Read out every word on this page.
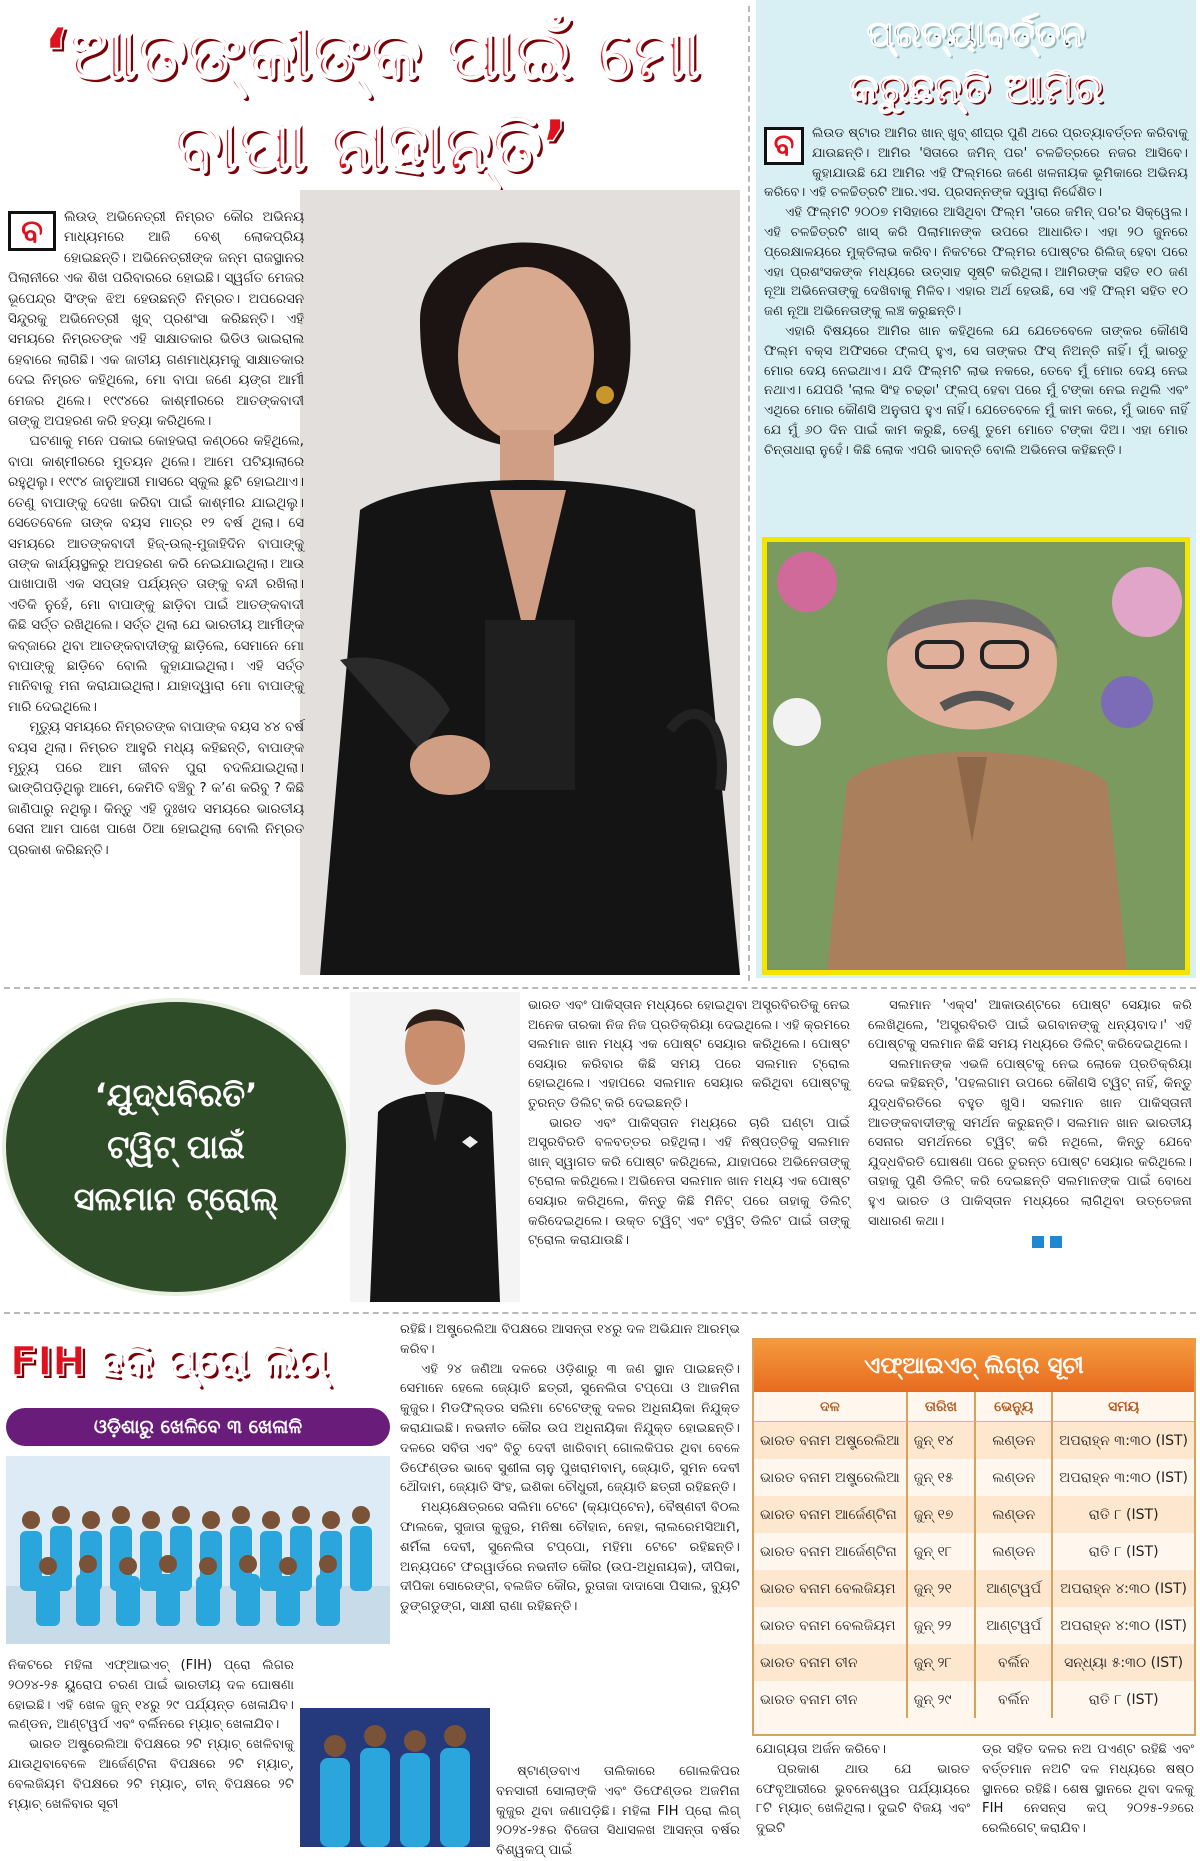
‘ଆତଙ୍କୀଙ୍କ ପାଇଁ ମୋ
ବାପା ନାହାନ୍ତି’
ବ	ଲିଉଡ୍ ଅଭିନେତ୍ରୀ ନିମ୍ରତ କୌର ଅଭିନୟ ମାଧ୍ୟମରେ ଆଜି ବେଶ୍ ଲୋକପ୍ରିୟ ହୋଇଛନ୍ତି। ଅଭିନେତ୍ରୀଙ୍କ ଜନ୍ମ ରାଜସ୍ଥାନର ପିଲାନୀରେ ଏକ ଶିଖ ପରିବାରରେ ହୋଇଛି। ସ୍ୱର୍ଗତ ମେଜର ଭୂପେନ୍ଦ୍ର ସିଂଙ୍କ ଝିଅ ହେଉଛନ୍ତି ନିମ୍ରତ। ଅପରେସନ ସିନ୍ଦୁରକୁ ଅଭିନେତ୍ରୀ ଖୁବ୍ ପ୍ରଶଂସା କରିଛନ୍ତି। ଏହି ସମୟରେ ନିମ୍ରତଙ୍କ ଏହି ସାକ୍ଷାତକାର ଭିଡିଓ ଭାଇରାଲ ହେବାରେ ଲାଗିଛି। ଏକ ଜାତୀୟ ଗଣମାଧ୍ୟମକୁ ସାକ୍ଷାତକାର ଦେଇ ନିମ୍ରତ କହିଥିଲେ, ମୋ ବାପା ଜଣେ ୟଙ୍ଗ ଆର୍ମୀ ମେଜର ଥିଲେ। ୧୯୯୪ରେ କାଶ୍ମୀରରେ ଆତଙ୍କବାଦୀ ତାଙ୍କୁ ଅପହରଣ କରି ହତ୍ୟା କରିଥିଲେ।

ଘଟଣାକୁ ମନେ ପକାଇ କୋହଭରା କଣ୍ଠରେ କହିଥିଲେ, ବାପା କାଶ୍ମୀରରେ ମୁତୟନ ଥିଲେ। ଆମେ ପଟିୟାଲାରେ ରହୁଥିଲୁ। ୧୯୯୪ ଜାନୁଆରୀ ମାସରେ ସ୍କୁଲ ଛୁଟି ହୋଇଥାଏ। ତେଣୁ ବାପାଙ୍କୁ ଦେଖା କରିବା ପାଇଁ କାଶ୍ମୀର ଯାଇଥିଲୁ। ସେତେବେଳେ ତାଙ୍କ ବୟସ ମାତ୍ର ୧୨ ବର୍ଷ ଥିଲା। ସେ ସମୟରେ ଆତଙ୍କବାଦୀ ହିଜ୍-ଉଲ୍-ମୁଜାହିଦିନ ବାପାଙ୍କୁ ତାଙ୍କ କାର୍ଯ୍ୟସ୍ଥଳରୁ ଅପହରଣ କରି ନେଇଯାଇଥିଲା। ଆଉ ପାଖାପାଖି ଏକ ସପ୍ତାହ ପର୍ଯ୍ୟନ୍ତ ତାଙ୍କୁ ବନ୍ଦୀ ରଖିଲା। ଏତିକି ନୁହେଁ, ମୋ ବାପାଙ୍କୁ ଛାଡ଼ିବା ପାଇଁ ଆତଙ୍କବାଦୀ କିଛି ସର୍ତ୍ତ ରଖିଥିଲେ। ସର୍ତ୍ତ ଥିଲା ଯେ ଭାରତୀୟ ଆର୍ମୀଙ୍କ କବ୍ଜାରେ ଥିବା ଆତଙ୍କବାଦୀଙ୍କୁ ଛାଡ଼ିଲେ, ସେମାନେ ମୋ ବାପାଙ୍କୁ ଛାଡ଼ିବେ ବୋଲି କୁହାଯାଇଥିଲା। ଏହି ସର୍ତ୍ତ ମାନିବାକୁ ମନା କରାଯାଇଥିଲା। ଯାହାଦ୍ୱାରା ମୋ ବାପାଙ୍କୁ ମାରି ଦେଇଥିଲେ।

ମୃତ୍ୟୁ ସମୟରେ ନିମ୍ରତଙ୍କ ବାପାଙ୍କ ବୟସ ୪୪ ବର୍ଷ ବୟସ ଥିଲା। ନିମ୍ରତ ଆହୁରି ମଧ୍ୟ କହିଛନ୍ତି, ବାପାଙ୍କ ମୃତ୍ୟୁ ପରେ ଆମ ଜୀବନ ପୁରା ବଦଳିଯାଇଥିଲା। ଭାଙ୍ଗିପଡ଼ିଥିଲୁ ଆମେ, କେମିତି ବଞ୍ଚିବୁ ? କ’ଣ କରିବୁ ? କିଛି ଜାଣିପାରୁ ନଥିଲୁ। କିନ୍ତୁ ଏହି ଦୁଃଖଦ ସମୟରେ ଭାରତୀୟ ସେନା ଆମ ପାଖେ ପାଖେ ଠିଆ ହୋଇଥିଲା ବୋଲି ନିମ୍ରତ ପ୍ରକାଶ କରିଛନ୍ତି।

ପ୍ରତ୍ୟାବର୍ତ୍ତନ
କରୁଛନ୍ତି ଆମିର
ବ	ଲିଉଡ ଷ୍ଟାର ଆମିର ଖାନ୍ ଖୁବ୍ ଶୀଘ୍ର ପୁଣି ଥରେ ପ୍ରତ୍ୟାବର୍ତ୍ତନ କରିବାକୁ ଯାଉଛନ୍ତି। ଆମିର 'ସିତାରେ ଜମିନ୍ ପର' ଚଳଚ୍ଚିତ୍ରରେ ନଜର ଆସିବେ। କୁହାଯାଉଛି ଯେ ଆମିର ଏହି ଫିଲ୍ମରେ ଜଣେ ଖଳନାୟକ ଭୂମିକାରେ ଅଭିନୟ କରିବେ। ଏହି ଚଳଚ୍ଚିତ୍ରଟି ଆର.ଏସ. ପ୍ରସନ୍ନଙ୍କ ଦ୍ୱାରା ନିର୍ଦ୍ଦେଶିତ।

ଏହି ଫିଲ୍ମଟି ୨୦୦୭ ମସିହାରେ ଆସିଥିବା ଫିଲ୍ମ 'ତାରେ ଜମିନ୍ ପର'ର ସିକ୍ୱେଲ। ଏହି ଚଳଚ୍ଚିତ୍ରଟି ଖାସ୍ କରି ପିଲାମାନଙ୍କ ଉପରେ ଆଧାରିତ। ଏହା ୨୦ ଜୁନରେ ପ୍ରେକ୍ଷାଳୟରେ ମୁକ୍ତିଲାଭ କରିବ। ନିକଟରେ ଫିଲ୍ମର ପୋଷ୍ଟର ରିଲିଜ୍ ହେବା ପରେ ଏହା ପ୍ରଶଂସକଙ୍କ ମଧ୍ୟରେ ଉତ୍ସାହ ସୃଷ୍ଟି କରିଥିଲା। ଆମିରଙ୍କ ସହିତ ୧୦ ଜଣ ନୂଆ ଅଭିନେତାଙ୍କୁ ଦେଖିବାକୁ ମିଳିବ। ଏହାର ଅର୍ଥ ହେଉଛି, ସେ ଏହି ଫିଲ୍ମ ସହିତ ୧୦ ଜଣ ନୂଆ ଅଭିନେତାଙ୍କୁ ଲଞ୍ଚ କରୁଛନ୍ତି।

ଏହାରି ବିଷୟରେ ଆମିର ଖାନ କହିଥିଲେ ଯେ ଯେତେବେଳେ ତାଙ୍କର କୌଣସି ଫିଲ୍ମ ବକ୍ସ ଅଫିସରେ ଫ୍ଲପ୍ ହୁଏ, ସେ ତାଙ୍କର ଫିସ୍ ନିଅନ୍ତି ନାହିଁ। ମୁଁ ଭାରତୁ ମୋର ଦେୟ ନେଇଥାଏ। ଯଦି ଫିଲ୍ମଟି ଲାଭ ନକରେ, ତେବେ ମୁଁ ମୋର ଦେୟ ନେଇ ନଥାଏ। ଯେପରି 'ଲାଲ ସିଂହ ଚଢ୍ଢା' ଫ୍ଲପ୍ ହେବା ପରେ ମୁଁ ଟଙ୍କା ନେଇ ନଥିଲି ଏବଂ ଏଥିରେ ମୋର କୌଣସି ଅନୁତାପ ହୁଏ ନାହିଁ। ଯେତେବେଳେ ମୁଁ କାମ କରେ, ମୁଁ ଭାବେ ନାହିଁ ଯେ ମୁଁ ୬୦ ଦିନ ପାଇଁ କାମ କରୁଛି, ତେଣୁ ତୁମେ ମୋତେ ଟଙ୍କା ଦିଅ। ଏହା ମୋର ଚିନ୍ତାଧାରା ନୁହେଁ। କିଛି ଲୋକ ଏପରି ଭାବନ୍ତି ବୋଲି ଅଭିନେତା କହିଛନ୍ତି।

‘ଯୁଦ୍ଧବିରତି’
ଟ୍ୱିଟ୍ ପାଇଁ
ସଲମାନ ଟ୍ରୋଲ୍

ଭାରତ ଏବଂ ପାକିସ୍ତାନ ମଧ୍ୟରେ ହୋଇଥିବା ଅସ୍ତ୍ରବିରତିକୁ ନେଇ ଅନେକ ତାରକା ନିଜ ନିଜ ପ୍ରତିକ୍ରିୟା ଦେଇଥିଲେ। ଏହି କ୍ରମରେ ସଲମାନ ଖାନ ମଧ୍ୟ ଏକ ପୋଷ୍ଟ ସେୟାର କରିଥିଲେ। ପୋଷ୍ଟ ସେୟାର କରିବାର କିଛି ସମୟ ପରେ ସଲମାନ ଟ୍ରୋଲ ହୋଇଥିଲେ। ଏହାପରେ ସଲମାନ ସେୟାର କରିଥିବା ପୋଷ୍ଟକୁ ତୁରନ୍ତ ଡିଲିଟ୍ କରି ଦେଇଛନ୍ତି।

ଭାରତ ଏବଂ ପାକିସ୍ତାନ ମଧ୍ୟରେ ଚାରି ଘଣ୍ଟା ପାଇଁ ଅସ୍ତ୍ରବିରତି ବଳବତ୍ତର ରହିଥିଲା। ଏହି ନିଷ୍ପତ୍ତିକୁ ସଲମାନ ଖାନ୍ ସ୍ୱାଗତ କରି ପୋଷ୍ଟ କରିଥିଲେ, ଯାହାପରେ ଅଭିନେତାଙ୍କୁ ଟ୍ରୋଲ କରିଥିଲେ। ଅଭିନେତା ସଲମାନ ଖାନ ମଧ୍ୟ ଏକ ପୋଷ୍ଟ ସେୟାର କରିଥିଲେ, କିନ୍ତୁ କିଛି ମିନିଟ୍ ପରେ ତାହାକୁ ଡିଲିଟ୍ କରିଦେଇଥିଲେ। ଉକ୍ତ ଟ୍ୱିଟ୍ ଏବଂ ଟ୍ୱିଟ୍ ଡିଲିଟ ପାଇଁ ତାଙ୍କୁ ଟ୍ରୋଲ କରାଯାଉଛି।

ସଲମାନ 'ଏକ୍ସ' ଆକାଉଣ୍ଟରେ ପୋଷ୍ଟ ସେୟାର କରି ଲେଖିଥିଲେ, 'ଅସ୍ତ୍ରବିରତି ପାଇଁ ଭଗବାନଙ୍କୁ ଧନ୍ୟବାଦ।' ଏହି ପୋଷ୍ଟକୁ ସଲମାନ କିଛି ସମୟ ମଧ୍ୟରେ ଡିଲିଟ୍ କରିଦେଇଥିଲେ।

ସଲମାନଙ୍କ ଏଭଳି ପୋଷ୍ଟକୁ ନେଇ ଲୋକେ ପ୍ରତିକ୍ରିୟା ଦେଇ କହିଛନ୍ତି, 'ପହଲଗାମ ଉପରେ କୌଣସି ଟ୍ୱିଟ୍ ନାହିଁ, କିନ୍ତୁ ଯୁଦ୍ଧବିରତିରେ ବହୁତ ଖୁସି। ସଲମାନ ଖାନ ପାକିସ୍ତାନୀ ଆତଙ୍କବାଦୀଙ୍କୁ ସମର୍ଥନ କରୁଛନ୍ତି। ସଲମାନ ଖାନ ଭାରତୀୟ ସେନାର ସମର୍ଥନରେ ଟ୍ୱିଟ୍ କରି ନଥିଲେ, କିନ୍ତୁ ଯେବେ ଯୁଦ୍ଧବିରତି ଘୋଷଣା ପରେ ତୁରନ୍ତ ପୋଷ୍ଟ ସେୟାର କରିଥିଲେ। ତାହାକୁ ପୁଣି ଡିଲିଟ୍ କରି ଦେଇଛନ୍ତି ସଲମାନଙ୍କ ପାଇଁ ବୋଧେ ହୁଏ ଭାରତ ଓ ପାକିସ୍ତାନ ମଧ୍ୟରେ ଲାଗିଥିବା ଉତ୍ତେଜନା ସାଧାରଣ କଥା।

FIH ହକି ପ୍ରୋ ଲିଗ୍
ଓଡ଼ିଶାରୁ ଖେଳିବେ ୩ ଖେଳାଳି

ନିକଟରେ ମହିଳା ଏଫ୍ଆଇଏଚ୍ (FIH) ପ୍ରୋ ଲିଗର ୨୦୨୪-୨୫ ୟୁରୋପ ଚରଣ ପାଇଁ ଭାରତୀୟ ଦଳ ଘୋଷଣା ହୋଇଛି। ଏହି ଖେଳ ଜୁନ୍ ୧୪ରୁ ୨୯ ପର୍ଯ୍ୟନ୍ତ ଖେଳାଯିବ। ଲଣ୍ଡନ, ଆଣ୍ଟୱର୍ପ ଏବଂ ବର୍ଲିନରେ ମ୍ୟାଚ୍ ଖେଳାଯିବ।

ଭାରତ ଅଷ୍ଟ୍ରେଲିଆ ବିପକ୍ଷରେ ୨ଟି ମ୍ୟାଚ୍ ଖେଳିବାକୁ ଯାଉଥିବାବେଳେ ଆର୍ଜେଣ୍ଟିନା ବିପକ୍ଷରେ ୨ଟି ମ୍ୟାଚ୍, ବେଲଜିୟମ ବିପକ୍ଷରେ ୨ଟି ମ୍ୟାଚ୍, ଚୀନ୍ ବିପକ୍ଷରେ ୨ଟି ମ୍ୟାଚ୍ ଖେଳିବାର ସୂଚୀ

ରହିଛି। ଅଷ୍ଟ୍ରେଲିଆ ବିପକ୍ଷରେ ଆସନ୍ତା ୧୪ରୁ ଦଳ ଅଭିଯାନ ଆରମ୍ଭ କରିବ।

ଏହି ୨୪ ଜଣିଆ ଦଳରେ ଓଡ଼ିଶାରୁ ୩ ଜଣ ସ୍ଥାନ ପାଇଛନ୍ତି। ସେମାନେ ହେଲେ ଜ୍ୟୋତି ଛତ୍ରୀ, ସୁନେଲିତା ଟପ୍ପୋ ଓ ଆଜମିନା କୁଜୁର। ମିଡଫିଲ୍ଡର ସଲିମା ଟେଟେଙ୍କୁ ଦଳର ଅଧିନାୟିକା ନିଯୁକ୍ତ କରାଯାଇଛି। ନଭନୀତ କୌର ଉପ ଅଧିନାୟିକା ନିଯୁକ୍ତ ହୋଇଛନ୍ତି। ଦଳରେ ସବିତା ଏବଂ ବିଚୁ ଦେବୀ ଖାରିବାମ୍ ଗୋଲକିପର ଥିବା ବେଳେ ଡିଫେଣ୍ଡର ଭାବେ ସୁଶୀଳା ଚାନୁ ପୁଖରାମବାମ୍, ଜ୍ୟୋତି, ସୁମନ ଦେବୀ ଥୌଦାମ, ଜ୍ୟୋତି ସିଂହ, ଇଶିକା ଚୌଧୁରୀ, ଜ୍ୟୋତି ଛତ୍ରୀ ରହିଛନ୍ତି।

ମଧ୍ୟକ୍ଷେତ୍ରରେ ସଲିମା ଟେଟେ (କ୍ୟାପ୍ଟେନ), ବୈଷ୍ଣବୀ ବିଠଲ ଫାଲକେ, ସୁଜାତା କୁଜୁର, ମନିଷା ଚୌହାନ, ନେହା, ଲାଲରେମସିଆମି, ଶର୍ମିଳା ଦେବୀ, ସୁନେଲିତା ଟପ୍ପୋ, ମହିମା ଟେଟେ ରହିଛନ୍ତି। ଅନ୍ୟପଟେ ଫରୱାର୍ଡରେ ନଭନୀତ କୌର (ଉପ-ଅଧିନାୟକ), ଦୀପିକା, ଦୀପିକା ସୋରେଙ୍ଗ, ବଲଜିତ କୌର, ରୁତାଜା ଦାଦାସୋ ପିସାଲ, ବ୍ୟୁଟି ଡୁଙ୍ଗଡୁଙ୍ଗ, ସାକ୍ଷୀ ରାଣା ରହିଛନ୍ତି।

ଷ୍ଟାଣ୍ଡବାଏ ତାଲିକାରେ ଗୋଲକିପର ବନସାରୀ ସୋଲାଙ୍କି ଏବଂ ଡିଫେଣ୍ଡର ଅଜମିନା କୁଜୁର ଥିବା ଜଣାପଡ଼ିଛି। ମହିଳା FIH ପ୍ରୋ ଲିଗ୍ ୨୦୨୪-୨୫ର ବିଜେତା ସିଧାସଳଖ ଆସନ୍ତା ବର୍ଷର ବିଶ୍ୱକପ୍ ପାଇଁ

ଯୋଗ୍ୟତା ଅର୍ଜନ କରିବେ।

ପ୍ରକାଶ ଥାଉ ଯେ ଭାରତ ଫେବୃଆରୀରେ ଭୁବନେଶ୍ୱର ପର୍ଯ୍ୟାୟରେ ୮ଟି ମ୍ୟାଚ୍ ଖେଳିଥିଲା। ଦୁଇଟି ବିଜୟ ଏବଂ ଦୁଇଟି

ଡ୍ର ସହିତ ଦଳର ନଅ ପଏଣ୍ଟ ରହିଛି ଏବଂ ବର୍ତ୍ତମାନ ନଅଟି ଦଳ ମଧ୍ୟରେ ଷଷ୍ଠ ସ୍ଥାନରେ ରହିଛି। ଶେଷ ସ୍ଥାନରେ ଥିବା ଦଳକୁ FIH ନେସନ୍ସ କପ୍ ୨୦୨୫-୨୬ରେ ରେଲିଗେଟ୍ କରାଯିବ।

ଏଫ୍ଆଇଏଚ୍ ଲିଗ୍‌ର ସୂଚୀ
ଦଳ	ତାରିଖ	ଭେନ୍ୟୁ	ସମୟ
ଭାରତ ବନାମ ଅଷ୍ଟ୍ରେଲିଆ	ଜୁନ୍ ୧୪	ଲଣ୍ଡନ	ଅପରାହ୍ନ ୩:୩୦ (IST)
ଭାରତ ବନାମ ଅଷ୍ଟ୍ରେଲିଆ	ଜୁନ୍ ୧୫	ଲଣ୍ଡନ	ଅପରାହ୍ନ ୩:୩୦ (IST)
ଭାରତ ବନାମ ଆର୍ଜେଣ୍ଟିନା	ଜୁନ୍ ୧୭	ଲଣ୍ଡନ	ରାତି ୮ (IST)
ଭାରତ ବନାମ ଆର୍ଜେଣ୍ଟିନା	ଜୁନ୍ ୧୮	ଲଣ୍ଡନ	ରାତି ୮ (IST)
ଭାରତ ବନାମ ବେଲଜିୟମ	ଜୁନ୍ ୨୧	ଆଣ୍ଟୱର୍ପ	ଅପରାହ୍ନ ୪:୩୦ (IST)
ଭାରତ ବନାମ ବେଲଜିୟମ	ଜୁନ୍ ୨୨	ଆଣ୍ଟୱର୍ପ	ଅପରାହ୍ନ ୪:୩୦ (IST)
ଭାରତ ବନାମ ଚୀନ	ଜୁନ୍ ୨୮	ବର୍ଲିନ	ସନ୍ଧ୍ୟା ୫:୩୦ (IST)
ଭାରତ ବନାମ ଚୀନ	ଜୁନ୍ ୨୯	ବର୍ଲିନ	ରାତି ୮ (IST)
